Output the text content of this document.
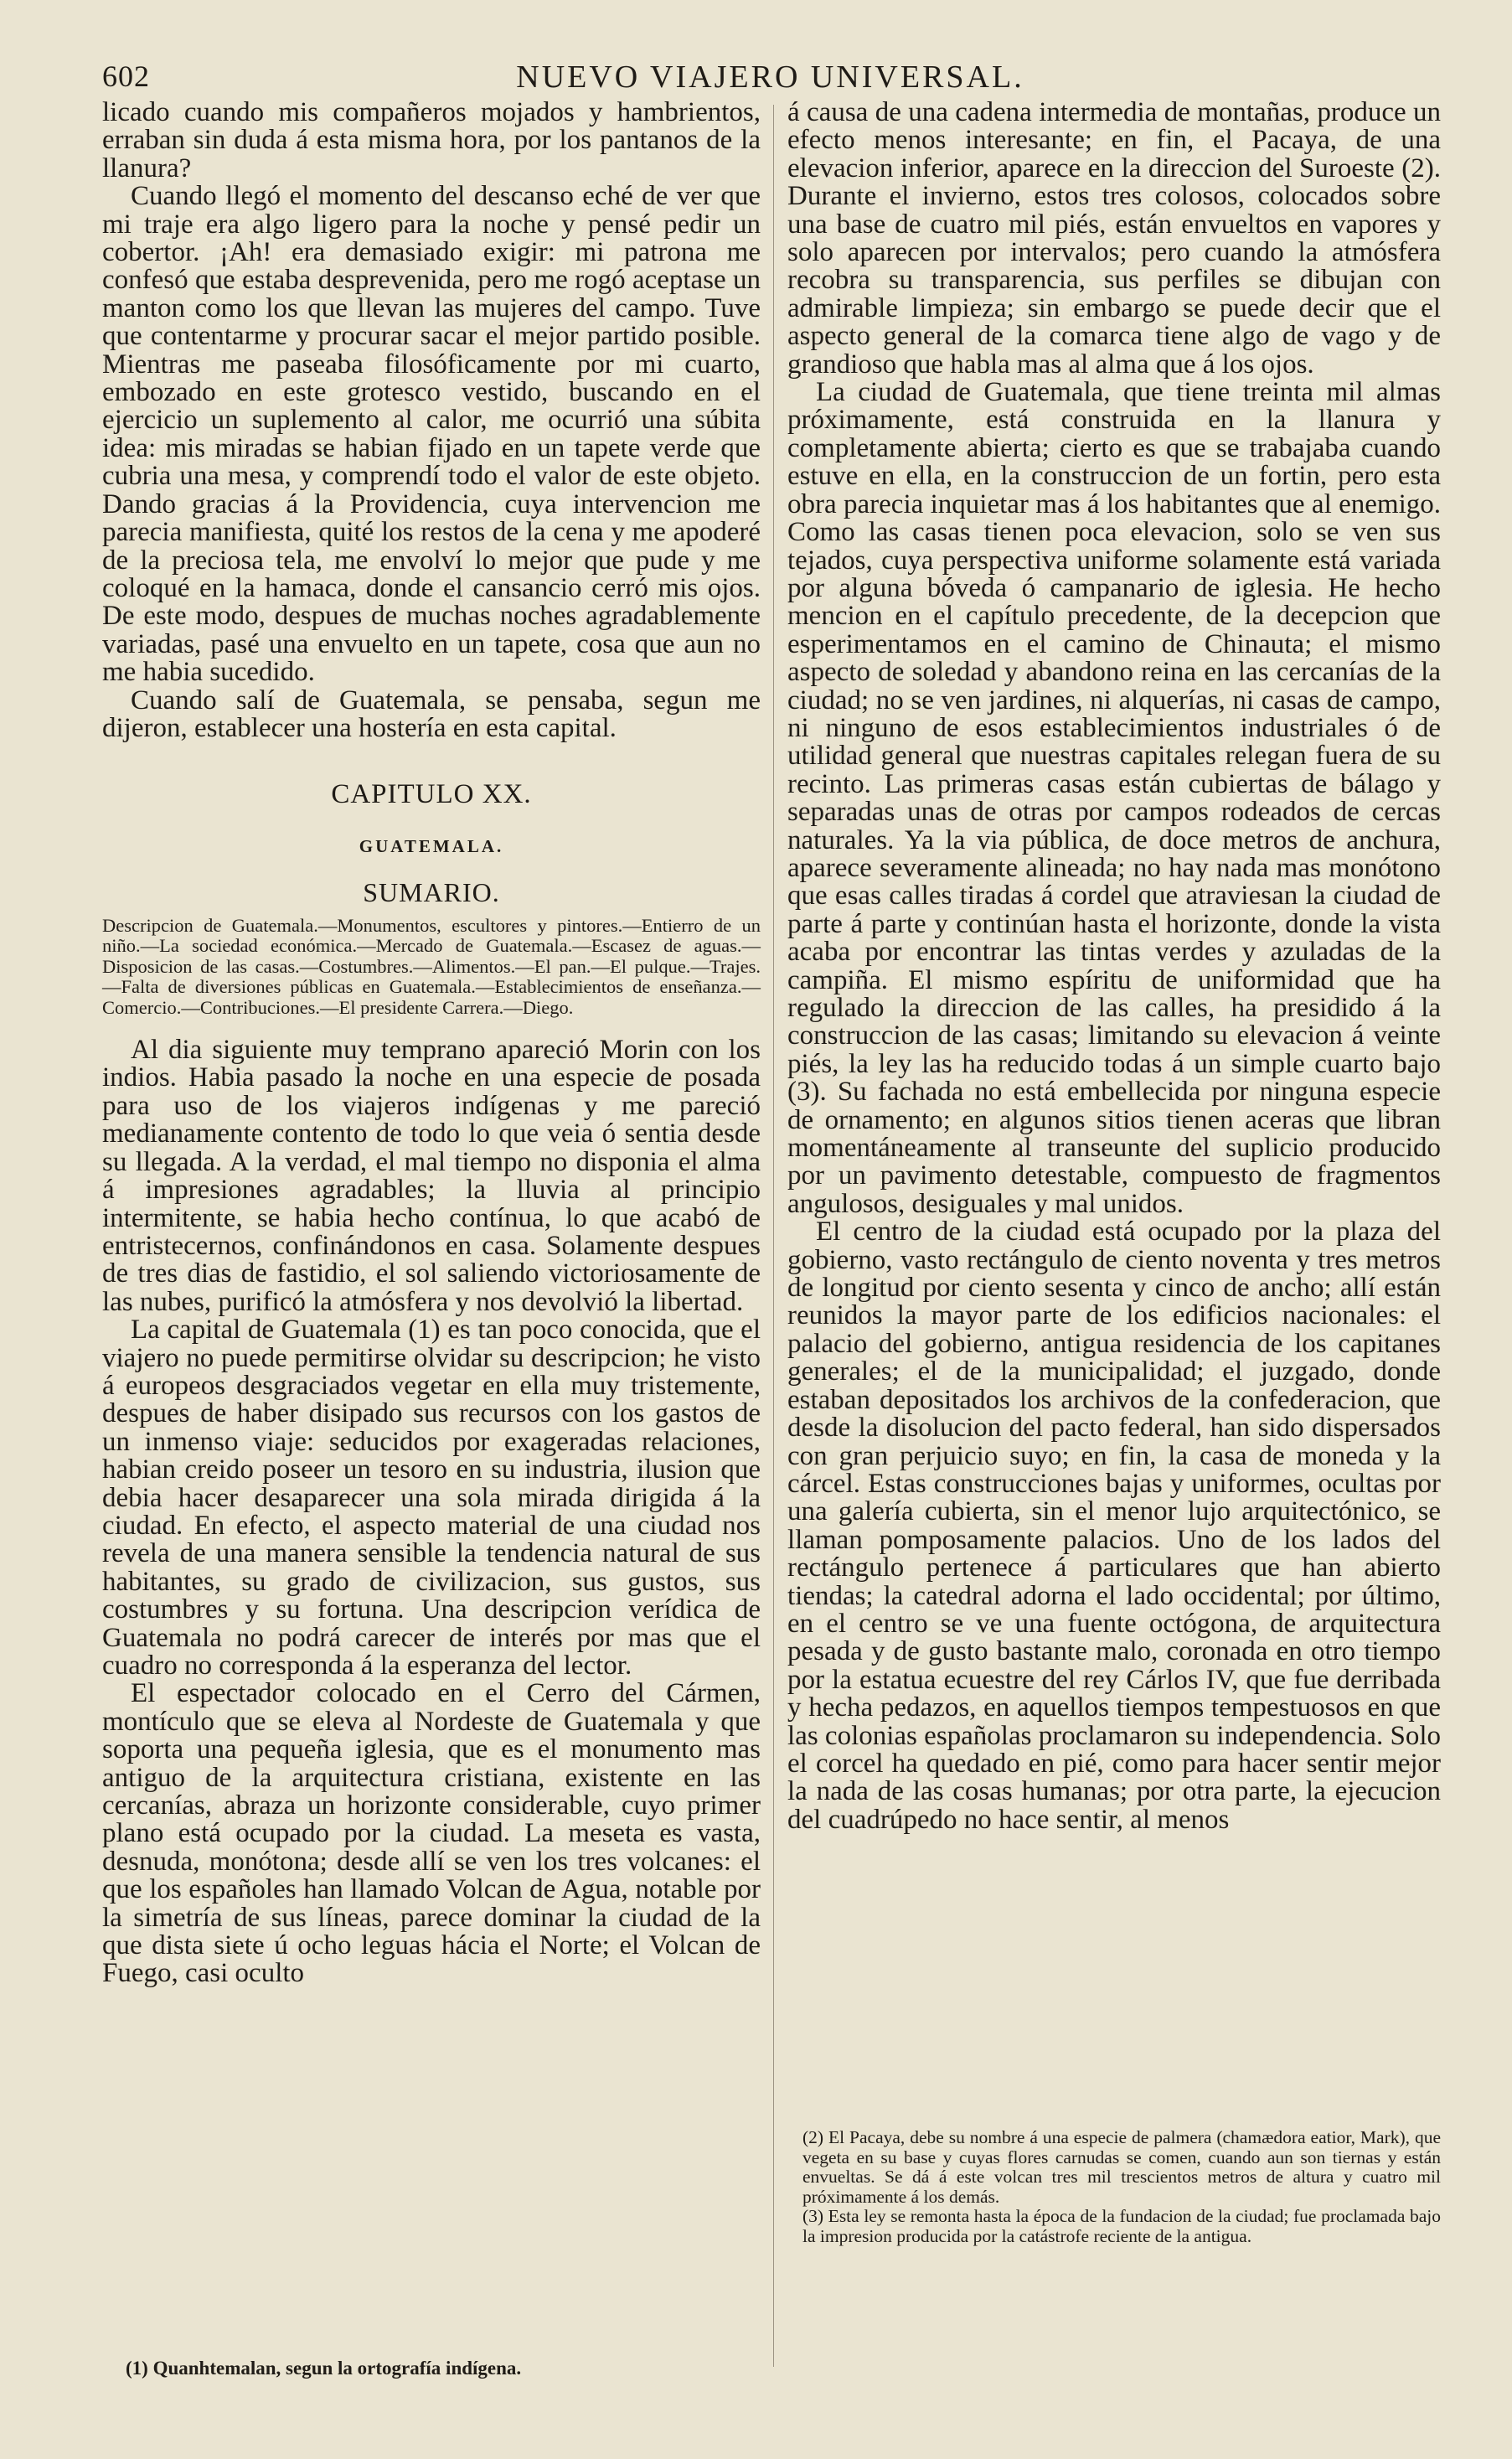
602	NUEVO VIAJERO UNIVERSAL.

licado cuando mis compañeros mojados y hambrientos, erraban sin duda á esta misma hora, por los pantanos de la llanura?

Cuando llegó el momento del descanso eché de ver que mi traje era algo ligero para la noche y pensé pedir un cobertor. ¡Ah! era demasiado exigir: mi patrona me confesó que estaba desprevenida, pero me rogó aceptase un manton como los que llevan las mujeres del campo. Tuve que contentarme y procurar sacar el mejor partido posible. Mientras me paseaba filosóficamente por mi cuarto, embozado en este grotesco vestido, buscando en el ejercicio un suplemento al calor, me ocurrió una súbita idea: mis miradas se habian fijado en un tapete verde que cubria una mesa, y comprendí todo el valor de este objeto. Dando gracias á la Providencia, cuya intervencion me parecia manifiesta, quité los restos de la cena y me apoderé de la preciosa tela, me envolví lo mejor que pude y me coloqué en la hamaca, donde el cansancio cerró mis ojos. De este modo, despues de muchas noches agradablemente variadas, pasé una envuelto en un tapete, cosa que aun no me habia sucedido.

Cuando salí de Guatemala, se pensaba, segun me dijeron, establecer una hostería en esta capital.

CAPITULO XX.
GUATEMALA.
SUMARIO.

Descripcion de Guatemala.—Monumentos, escultores y pintores.—Entierro de un niño.—La sociedad económica.—Mercado de Guatemala.—Escasez de aguas.—Disposicion de las casas.—Costumbres.—Alimentos.—El pan.—El pulque.—Trajes.—Falta de diversiones públicas en Guatemala.—Establecimientos de enseñanza.—Comercio.—Contribuciones.—El presidente Carrera.—Diego.

Al dia siguiente muy temprano apareció Morin con los indios. Habia pasado la noche en una especie de posada para uso de los viajeros indígenas y me pareció medianamente contento de todo lo que veia ó sentia desde su llegada. A la verdad, el mal tiempo no disponia el alma á impresiones agradables; la lluvia al principio intermitente, se habia hecho contínua, lo que acabó de entristecernos, confinándonos en casa. Solamente despues de tres dias de fastidio, el sol saliendo victoriosamente de las nubes, purificó la atmósfera y nos devolvió la libertad.

La capital de Guatemala (1) es tan poco conocida, que el viajero no puede permitirse olvidar su descripcion; he visto á europeos desgraciados vegetar en ella muy tristemente, despues de haber disipado sus recursos con los gastos de un inmenso viaje: seducidos por exageradas relaciones, habian creido poseer un tesoro en su industria, ilusion que debia hacer desaparecer una sola mirada dirigida á la ciudad. En efecto, el aspecto material de una ciudad nos revela de una manera sensible la tendencia natural de sus habitantes, su grado de civilizacion, sus gustos, sus costumbres y su fortuna. Una descripcion verídica de Guatemala no podrá carecer de interés por mas que el cuadro no corresponda á la esperanza del lector.

El espectador colocado en el Cerro del Cármen, montículo que se eleva al Nordeste de Guatemala y que soporta una pequeña iglesia, que es el monumento mas antiguo de la arquitectura cristiana, existente en las cercanías, abraza un horizonte considerable, cuyo primer plano está ocupado por la ciudad. La meseta es vasta, desnuda, monótona; desde allí se ven los tres volcanes: el que los españoles han llamado Volcan de Agua, notable por la simetría de sus líneas, parece dominar la ciudad de la que dista siete ú ocho leguas hácia el Norte; el Volcan de Fuego, casi oculto

á causa de una cadena intermedia de montañas, produce un efecto menos interesante; en fin, el Pacaya, de una elevacion inferior, aparece en la direccion del Suroeste (2). Durante el invierno, estos tres colosos, colocados sobre una base de cuatro mil piés, están envueltos en vapores y solo aparecen por intervalos; pero cuando la atmósfera recobra su transparencia, sus perfiles se dibujan con admirable limpieza; sin embargo se puede decir que el aspecto general de la comarca tiene algo de vago y de grandioso que habla mas al alma que á los ojos.

La ciudad de Guatemala, que tiene treinta mil almas próximamente, está construida en la llanura y completamente abierta; cierto es que se trabajaba cuando estuve en ella, en la construccion de un fortin, pero esta obra parecia inquietar mas á los habitantes que al enemigo. Como las casas tienen poca elevacion, solo se ven sus tejados, cuya perspectiva uniforme solamente está variada por alguna bóveda ó campanario de iglesia. He hecho mencion en el capítulo precedente, de la decepcion que esperimentamos en el camino de Chinauta; el mismo aspecto de soledad y abandono reina en las cercanías de la ciudad; no se ven jardines, ni alquerías, ni casas de campo, ni ninguno de esos establecimientos industriales ó de utilidad general que nuestras capitales relegan fuera de su recinto. Las primeras casas están cubiertas de bálago y separadas unas de otras por campos rodeados de cercas naturales. Ya la via pública, de doce metros de anchura, aparece severamente alineada; no hay nada mas monótono que esas calles tiradas á cordel que atraviesan la ciudad de parte á parte y continúan hasta el horizonte, donde la vista acaba por encontrar las tintas verdes y azuladas de la campiña. El mismo espíritu de uniformidad que ha regulado la direccion de las calles, ha presidido á la construccion de las casas; limitando su elevacion á veinte piés, la ley las ha reducido todas á un simple cuarto bajo (3). Su fachada no está embellecida por ninguna especie de ornamento; en algunos sitios tienen aceras que libran momentáneamente al transeunte del suplicio producido por un pavimento detestable, compuesto de fragmentos angulosos, desiguales y mal unidos.

El centro de la ciudad está ocupado por la plaza del gobierno, vasto rectángulo de ciento noventa y tres metros de longitud por ciento sesenta y cinco de ancho; allí están reunidos la mayor parte de los edificios nacionales: el palacio del gobierno, antigua residencia de los capitanes generales; el de la municipalidad; el juzgado, donde estaban depositados los archivos de la confederacion, que desde la disolucion del pacto federal, han sido dispersados con gran perjuicio suyo; en fin, la casa de moneda y la cárcel. Estas construcciones bajas y uniformes, ocultas por una galería cubierta, sin el menor lujo arquitectónico, se llaman pomposamente palacios. Uno de los lados del rectángulo pertenece á particulares que han abierto tiendas; la catedral adorna el lado occidental; por último, en el centro se ve una fuente octógona, de arquitectura pesada y de gusto bastante malo, coronada en otro tiempo por la estatua ecuestre del rey Cárlos IV, que fue derribada y hecha pedazos, en aquellos tiempos tempestuosos en que las colonias españolas proclamaron su independencia. Solo el corcel ha quedado en pié, como para hacer sentir mejor la nada de las cosas humanas; por otra parte, la ejecucion del cuadrúpedo no hace sentir, al menos

(1) Quanhtemalan, segun la ortografía indígena.

(2) El Pacaya, debe su nombre á una especie de palmera (chamædora eatior, Mark), que vegeta en su base y cuyas flores carnudas se comen, cuando aun son tiernas y están envueltas. Se dá á este volcan tres mil trescientos metros de altura y cuatro mil próximamente á los demás.

(3) Esta ley se remonta hasta la época de la fundacion de la ciudad; fue proclamada bajo la impresion producida por la catástrofe reciente de la antigua.
